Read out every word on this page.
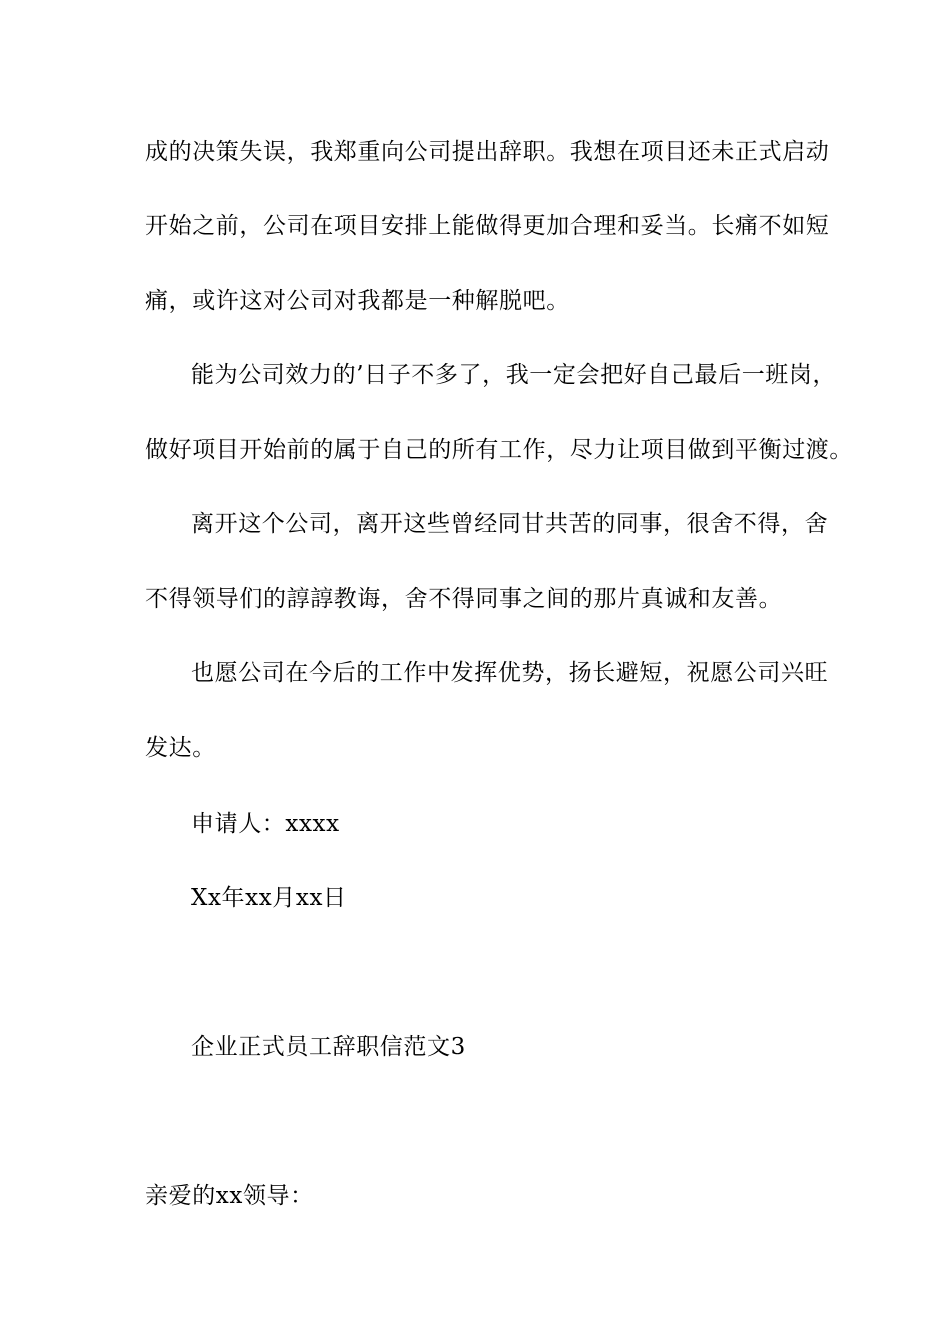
成的决策失误，我郑重向公司提出辞职。我想在项目还未正式启动
开始之前，公司在项目安排上能做得更加合理和妥当。长痛不如短
痛，或许这对公司对我都是一种解脱吧。
能为公司效力的’日子不多了，我一定会把好自己最后一班岗，
做好项目开始前的属于自己的所有工作，尽力让项目做到平衡过渡。
离开这个公司，离开这些曾经同甘共苦的同事，很舍不得，舍
不得领导们的諄諄教诲，舍不得同事之间的那片真诚和友善。
也愿公司在今后的工作中发挥优势，扬长避短，祝愿公司兴旺
发达。
申请人：xxxx
Xx年xx月xx日
企业正式员工辞职信范文3
亲爱的xx领导：
